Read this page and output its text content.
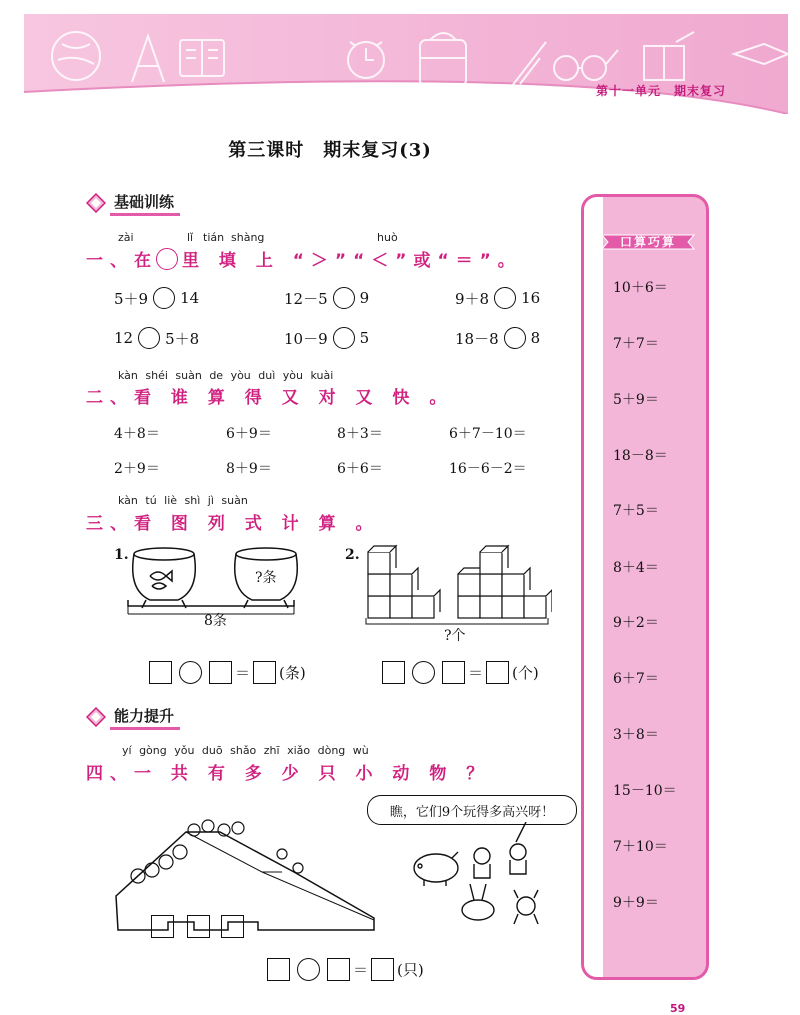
第十一单元　期末复习
第三课时　期末复习(3)
基础训练
zài	lǐ tián shàng	huò
一、在 里 填 上 “＞”“＜”或“＝”。
5＋9 14	12－5 9	9＋8 16
12 5＋8	10－9 5	18－8 8
kàn shéi suàn de yòu duì yòu kuài
二、看 谁 算 得 又 对 又 快 。
4＋8＝	6＋9＝	8＋3＝	6＋7－10＝
2＋9＝	8＋9＝	6＋6＝	16－6－2＝
kàn tú liè shì jì suàn
三、看 图 列 式 计 算 。
1.
?条
8条
2.
?个
＝ (条)	＝ (个)
能力提升
yí gòng yǒu duō shǎo zhī xiǎo dòng wù
四、一 共 有 多 少 只 小 动 物 ？
瞧，它们9个玩得多高兴呀！
＝ (只)
口算巧算
10＋6＝
7＋7＝
5＋9＝
18－8＝
7＋5＝
8＋4＝
9＋2＝
6＋7＝
3＋8＝
15－10＝
7＋10＝
9＋9＝
59
